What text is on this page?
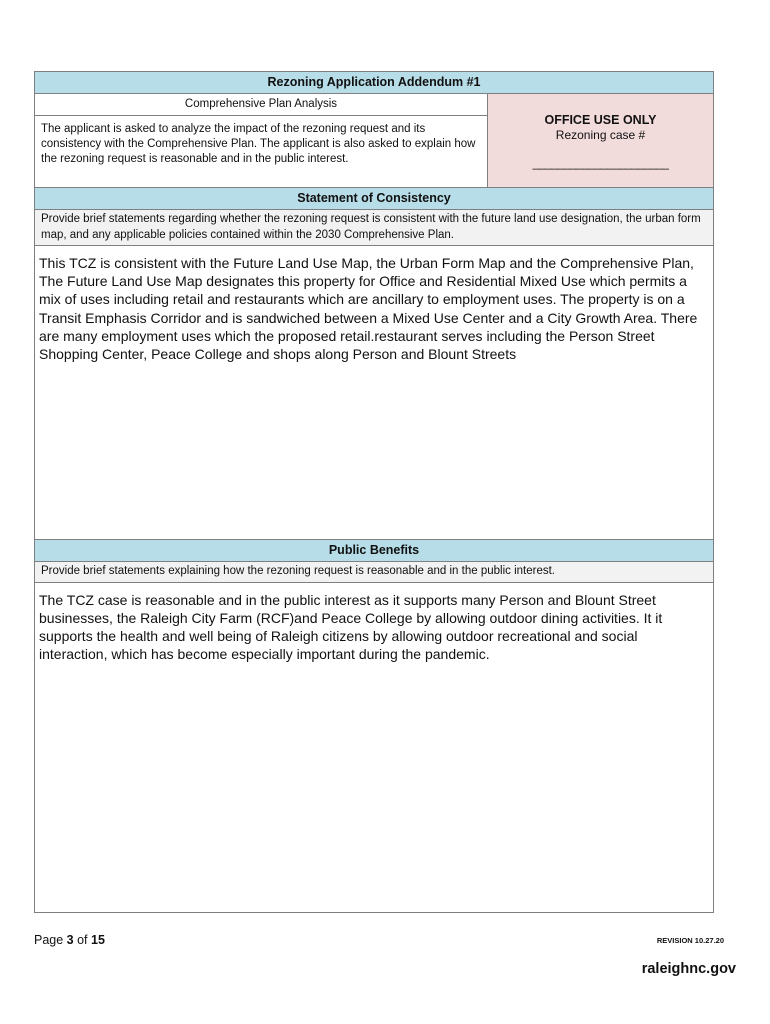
Rezoning Application Addendum #1
Comprehensive Plan Analysis
The applicant is asked to analyze the impact of the rezoning request and its consistency with the Comprehensive Plan. The applicant is also asked to explain how the rezoning request is reasonable and in the public interest.
OFFICE USE ONLY
Rezoning case #
______________________
Statement of Consistency
Provide brief statements regarding whether the rezoning request is consistent with the future land use designation, the urban form map, and any applicable policies contained within the 2030 Comprehensive Plan.
This TCZ is consistent with the Future Land Use Map, the Urban Form Map and the Comprehensive Plan, The Future Land Use Map designates this property for Office and Residential Mixed Use which permits a mix of uses including retail and restaurants which are ancillary to employment uses. The property is on a Transit Emphasis Corridor and is sandwiched between a Mixed Use Center and a City Growth Area. There are many employment uses which the proposed retail.restaurant serves including the Person Street Shopping Center, Peace College and shops along Person and Blount Streets
Public Benefits
Provide brief statements explaining how the rezoning request is reasonable and in the public interest.
The TCZ case is reasonable and in the public interest as it supports many Person and Blount Street businesses, the Raleigh City Farm (RCF)and Peace College by allowing outdoor dining activities. It it supports the health and well being of Raleigh citizens by allowing outdoor recreational and social interaction, which has become especially important during the pandemic.
Page 3 of 15	REVISION 10.27.20
raleighnc.gov
